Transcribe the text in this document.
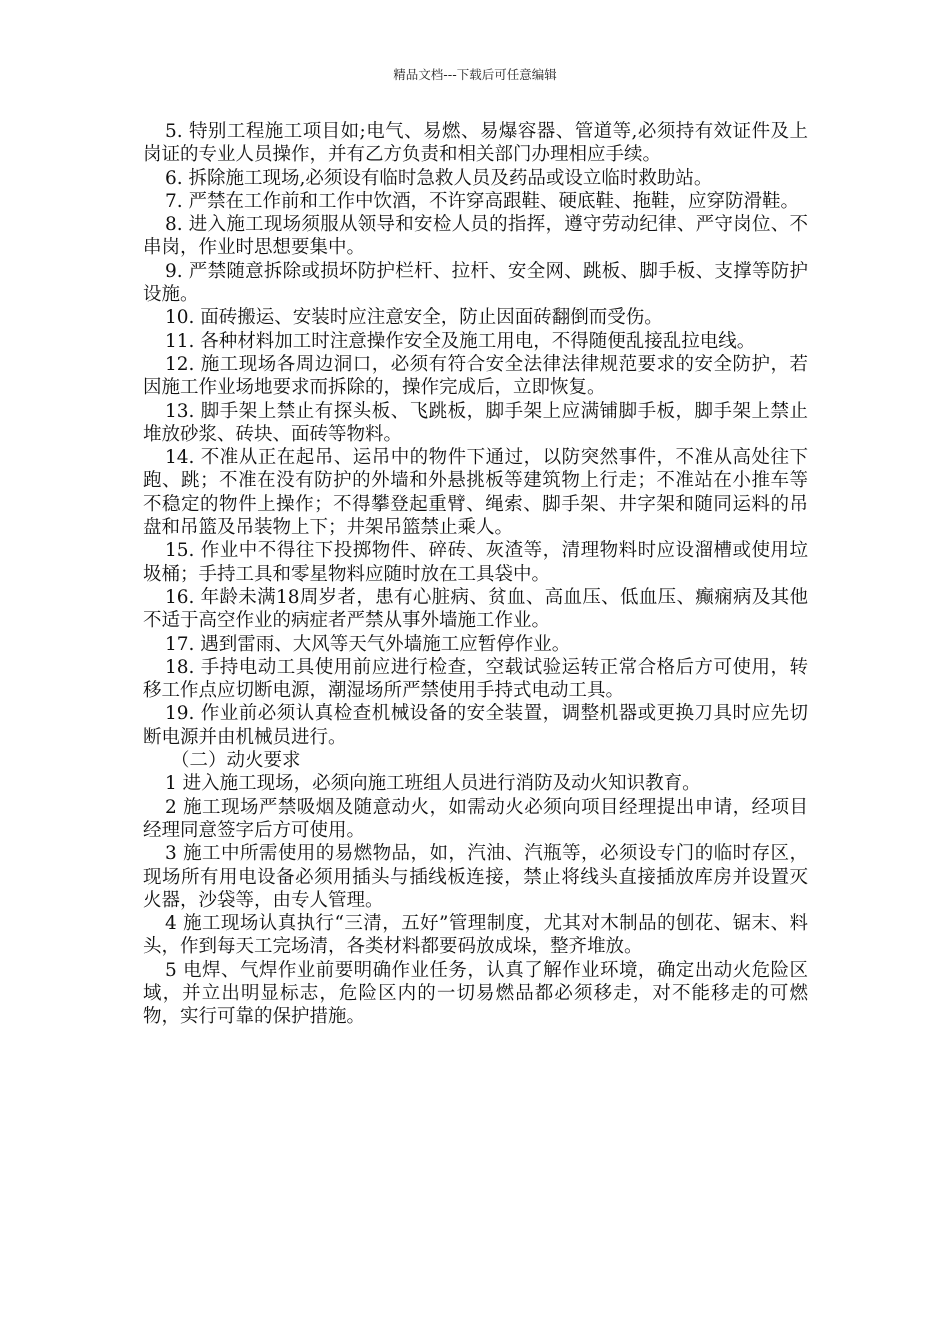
精品文档---下载后可任意编辑

5. 特别工程施工项目如;电气、易燃、易爆容器、管道等,必须持有效证件及上岗证的专业人员操作，并有乙方负责和相关部门办理相应手续。

6. 拆除施工现场,必须设有临时急救人员及药品或设立临时救助站。

7. 严禁在工作前和工作中饮酒，不许穿高跟鞋、硬底鞋、拖鞋，应穿防滑鞋。

8. 进入施工现场须服从领导和安检人员的指挥，遵守劳动纪律、严守岗位、不串岗，作业时思想要集中。

9. 严禁随意拆除或损坏防护栏杆、拉杆、安全网、跳板、脚手板、支撑等防护设施。

10. 面砖搬运、安装时应注意安全，防止因面砖翻倒而受伤。

11. 各种材料加工时注意操作安全及施工用电，不得随便乱接乱拉电线。

12. 施工现场各周边洞口，必须有符合安全法律法律规范要求的安全防护，若因施工作业场地要求而拆除的，操作完成后，立即恢复。

13. 脚手架上禁止有探头板、飞跳板，脚手架上应满铺脚手板，脚手架上禁止堆放砂浆、砖块、面砖等物料。

14. 不准从正在起吊、运吊中的物件下通过，以防突然事件，不准从高处往下跑、跳；不准在没有防护的外墙和外悬挑板等建筑物上行走；不准站在小推车等不稳定的物件上操作；不得攀登起重臂、绳索、脚手架、井字架和随同运料的吊盘和吊篮及吊装物上下；井架吊篮禁止乘人。

15. 作业中不得往下投掷物件、碎砖、灰渣等，清理物料时应设溜槽或使用垃圾桶；手持工具和零星物料应随时放在工具袋中。

16. 年龄未满18周岁者，患有心脏病、贫血、高血压、低血压、癫痫病及其他不适于高空作业的病症者严禁从事外墙施工作业。

17. 遇到雷雨、大风等天气外墙施工应暂停作业。

18. 手持电动工具使用前应进行检查，空载试验运转正常合格后方可使用，转移工作点应切断电源，潮湿场所严禁使用手持式电动工具。

19. 作业前必须认真检查机械设备的安全装置，调整机器或更换刀具时应先切断电源并由机械员进行。

（二）动火要求

1 进入施工现场，必须向施工班组人员进行消防及动火知识教育。

2 施工现场严禁吸烟及随意动火，如需动火必须向项目经理提出申请，经项目经理同意签字后方可使用。

3 施工中所需使用的易燃物品，如，汽油、汽瓶等，必须设专门的临时存区，现场所有用电设备必须用插头与插线板连接，禁止将线头直接插放库房并设置灭火器，沙袋等，由专人管理。

4 施工现场认真执行“三清，五好”管理制度，尤其对木制品的刨花、锯末、料头，作到每天工完场清，各类材料都要码放成垛，整齐堆放。

5 电焊、气焊作业前要明确作业任务，认真了解作业环境，确定出动火危险区域，并立出明显标志，危险区内的一切易燃品都必须移走，对不能移走的可燃物，实行可靠的保护措施。
